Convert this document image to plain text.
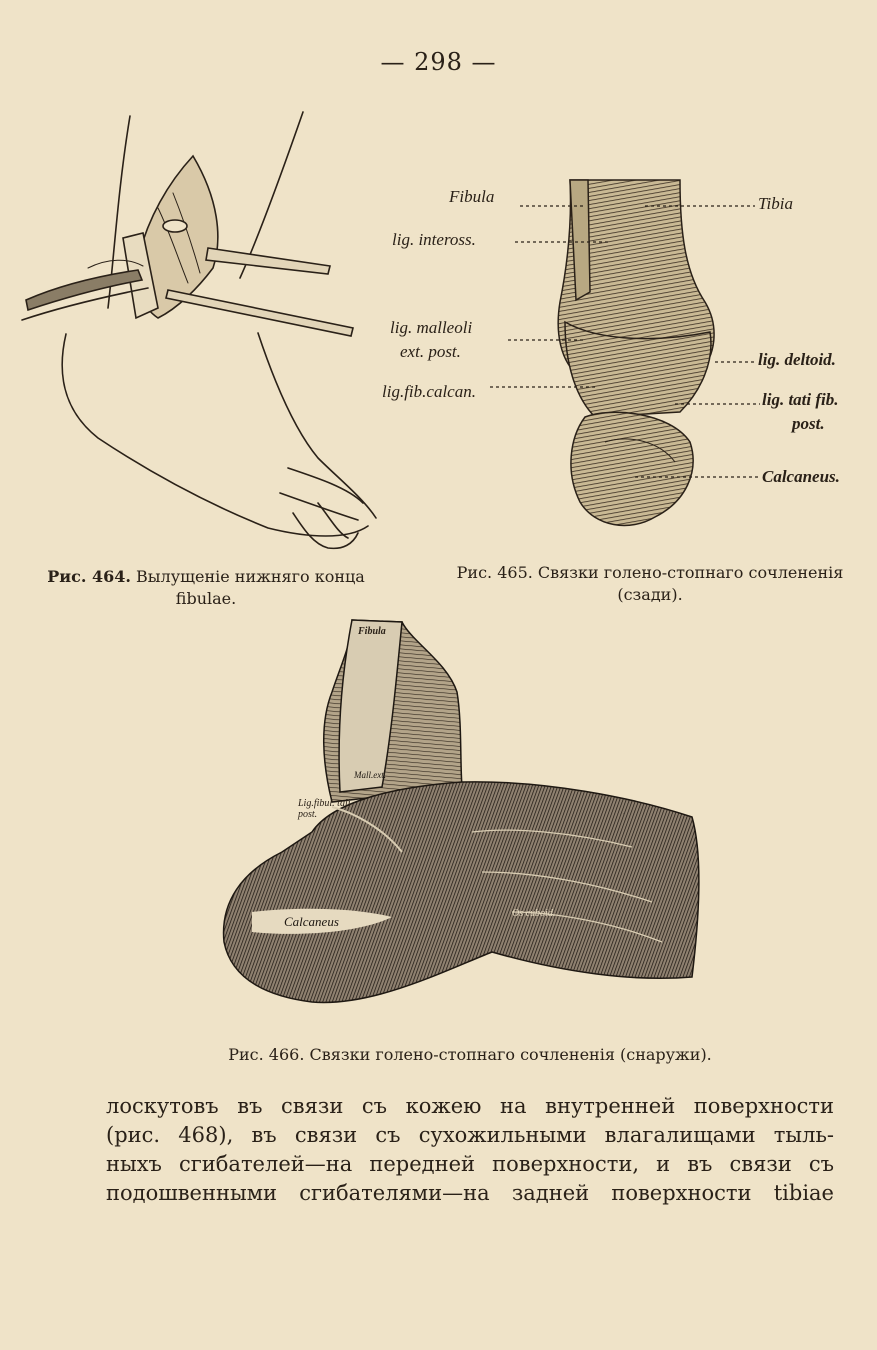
— 298 —
Рис. 464. Вылущеніе нижняго конца fibulae.
Fibula	Tibia
lig. inteross.
lig. malleoli
ext. post.
lig.fib.calcan.
lig. deltoid.
lig. tati fib.
post.
Calcaneus.
Рис. 465. Связки голено-стопнаго сочлененія (сзади).
Fibula
Mall.ext.
Lig.fibul. tali post.
Calcaneus
Os cuboid.
Рис. 466. Связки голено-стопнаго сочлененія (снаружи).
лоскутовъ въ связи съ кожею на внутренней поверхности
(рис. 468), въ связи съ сухожильными влагалищами тыль-
ныхъ сгибателей—на передней поверхности, и въ связи съ
подошвенными сгибателями—на задней поверхности tibiae
